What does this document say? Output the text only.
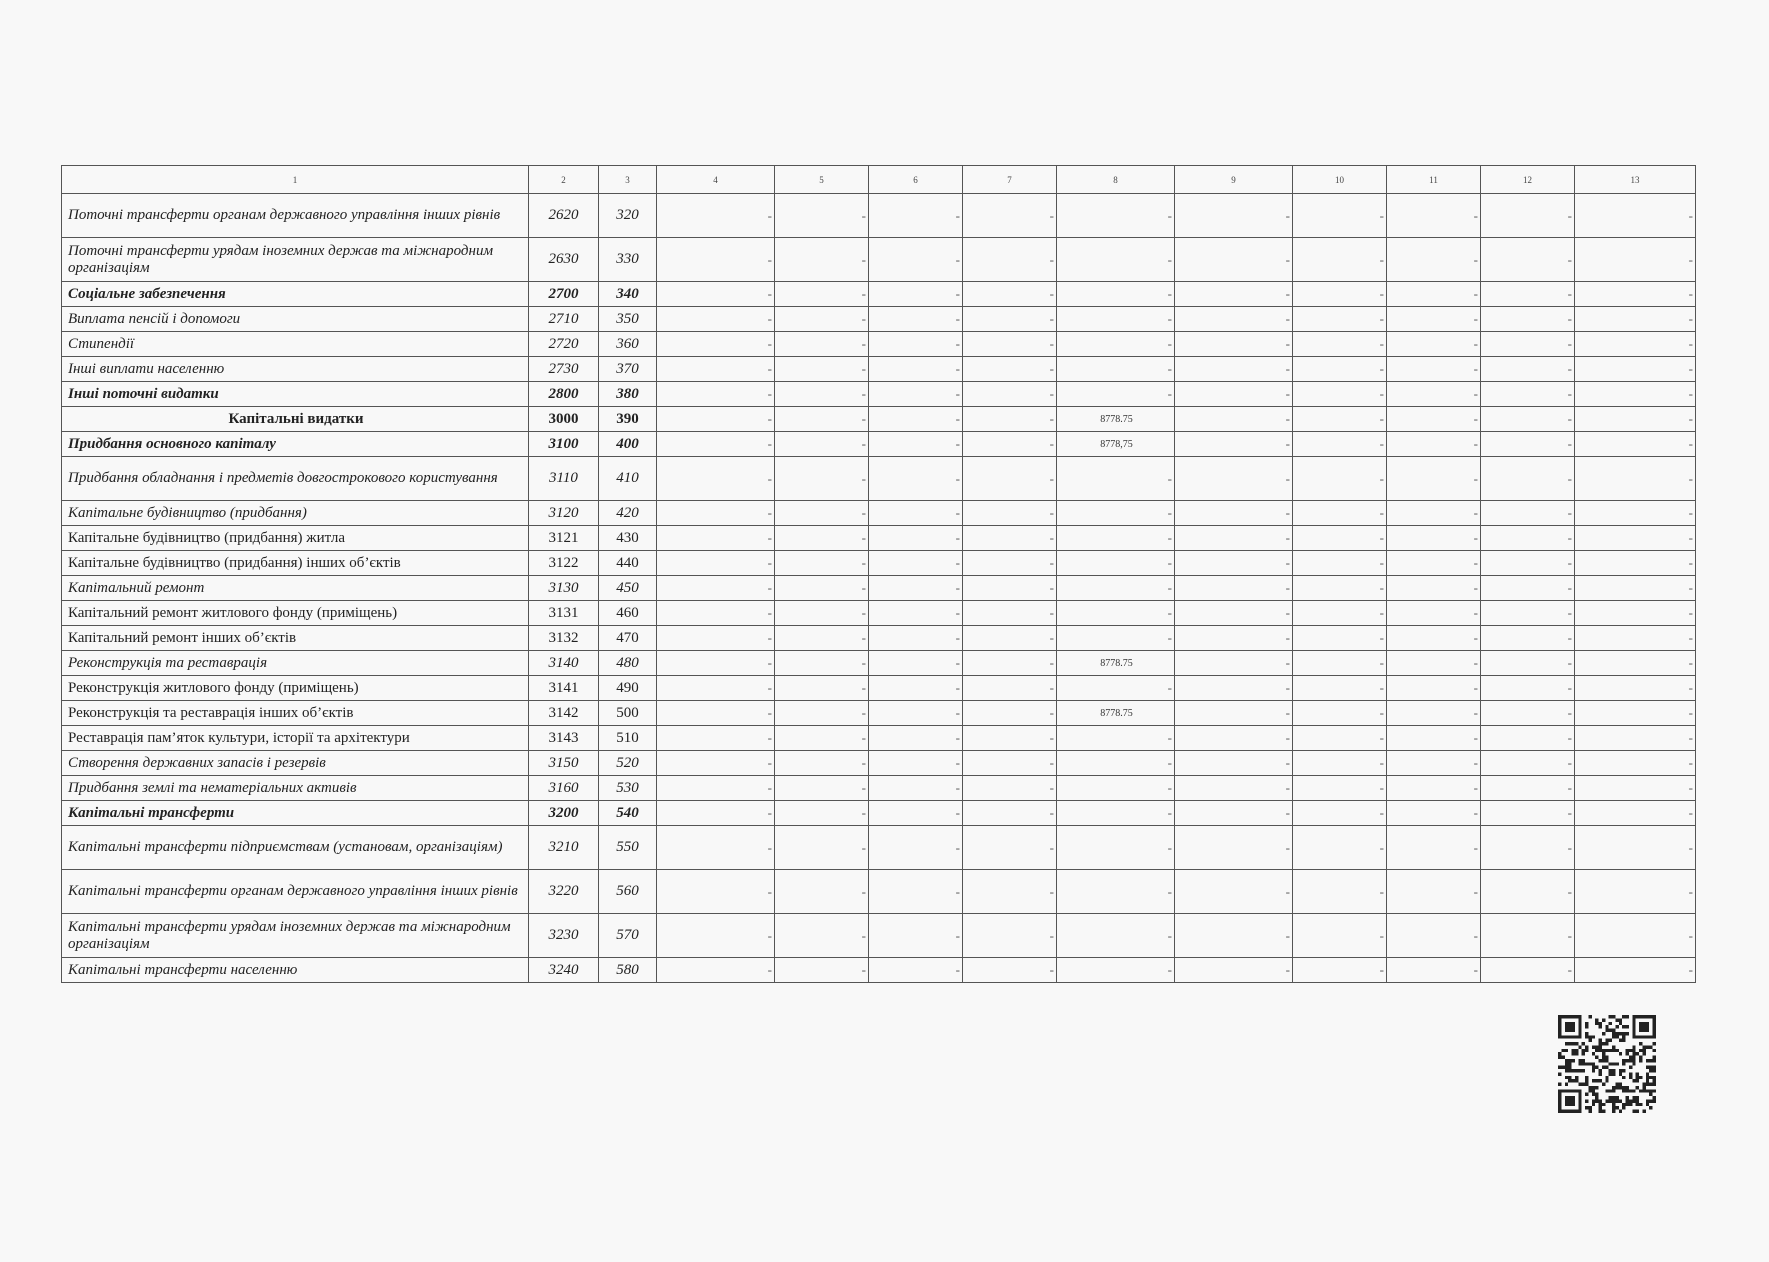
1	2	3	4	5	6	7	8	9	10	11	12	13
Поточні трансферти органам державного управління інших рівнів	2620	320	-	-	-	-	-	-	-	-	-	-
Поточні трансферти урядам іноземних держав та міжнародним організаціям	2630	330	-	-	-	-	-	-	-	-	-	-
Соціальне забезпечення	2700	340	-	-	-	-	-	-	-	-	-	-
Виплата пенсій і допомоги	2710	350	-	-	-	-	-	-	-	-	-	-
Стипендії	2720	360	-	-	-	-	-	-	-	-	-	-
Інші виплати населенню	2730	370	-	-	-	-	-	-	-	-	-	-
Інші поточні видатки	2800	380	-	-	-	-	-	-	-	-	-	-
Капітальні видатки	3000	390	-	-	-	-	8778.75	-	-	-	-	-
Придбання основного капіталу	3100	400	-	-	-	-	8778,75	-	-	-	-	-
Придбання обладнання і предметів довгострокового користування	3110	410	-	-	-	-	-	-	-	-	-	-
Капітальне будівництво (придбання)	3120	420	-	-	-	-	-	-	-	-	-	-
Капітальне будівництво (придбання) житла	3121	430	-	-	-	-	-	-	-	-	-	-
Капітальне будівництво (придбання) інших об’єктів	3122	440	-	-	-	-	-	-	-	-	-	-
Капітальний ремонт	3130	450	-	-	-	-	-	-	-	-	-	-
Капітальний ремонт житлового фонду (приміщень)	3131	460	-	-	-	-	-	-	-	-	-	-
Капітальний ремонт інших об’єктів	3132	470	-	-	-	-	-	-	-	-	-	-
Реконструкція та реставрація	3140	480	-	-	-	-	8778.75	-	-	-	-	-
Реконструкція житлового фонду (приміщень)	3141	490	-	-	-	-	-	-	-	-	-	-
Реконструкція та реставрація інших об’єктів	3142	500	-	-	-	-	8778.75	-	-	-	-	-
Реставрація пам’яток культури, історії та архітектури	3143	510	-	-	-	-	-	-	-	-	-	-
Створення державних запасів і резервів	3150	520	-	-	-	-	-	-	-	-	-	-
Придбання землі та нематеріальних активів	3160	530	-	-	-	-	-	-	-	-	-	-
Капітальні трансферти	3200	540	-	-	-	-	-	-	-	-	-	-
Капітальні трансферти підприємствам (установам, організаціям)	3210	550	-	-	-	-	-	-	-	-	-	-
Капітальні трансферти органам державного управління інших рівнів	3220	560	-	-	-	-	-	-	-	-	-	-
Капітальні трансферти урядам іноземних держав та міжнародним організаціям	3230	570	-	-	-	-	-	-	-	-	-	-
Капітальні трансферти населенню	3240	580	-	-	-	-	-	-	-	-	-	-
